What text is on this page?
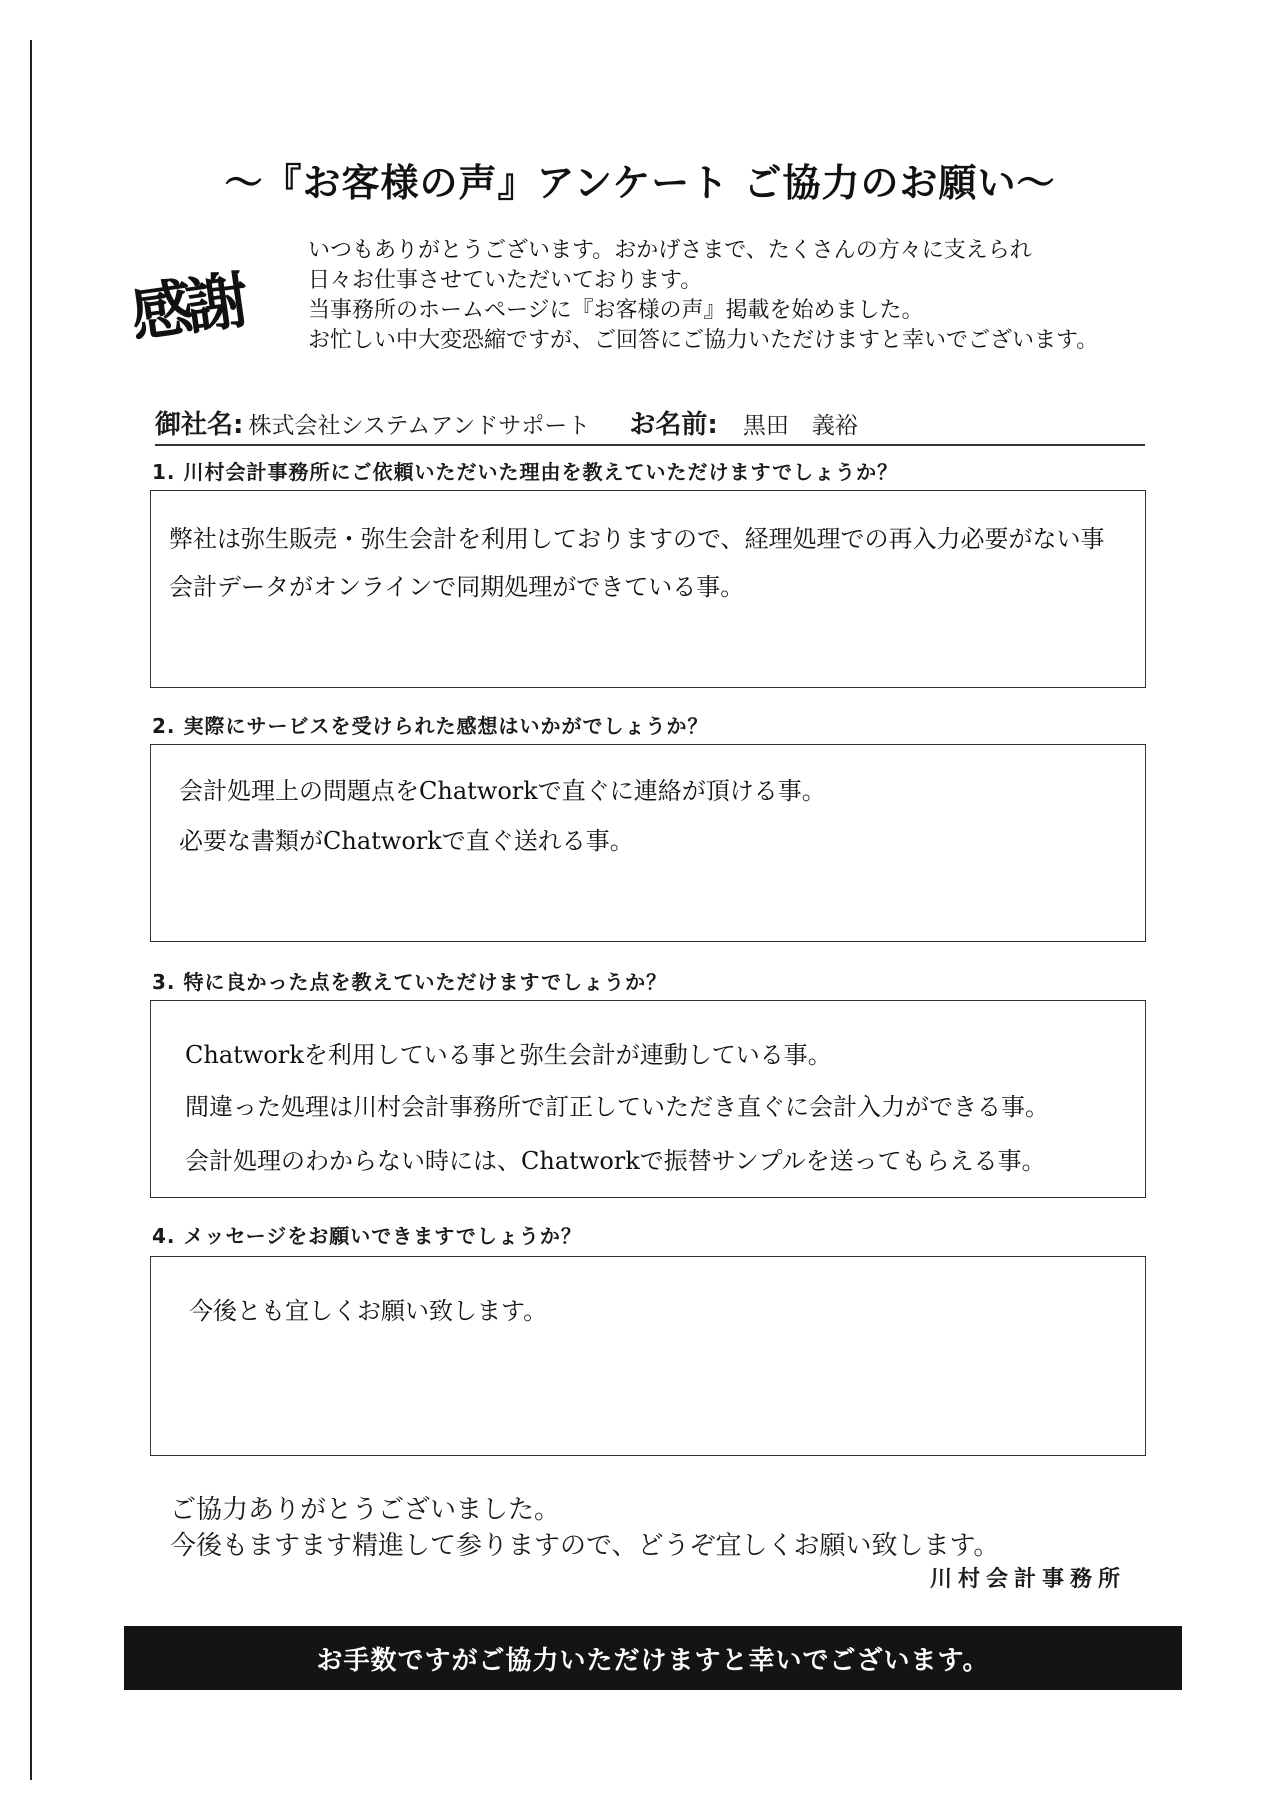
～『お客様の声』アンケート ご協力のお願い～
感謝
いつもありがとうございます。おかげさまで、たくさんの方々に支えられ
日々お仕事させていただいております。
当事務所のホームページに『お客様の声』掲載を始めました。
お忙しい中大変恐縮ですが、ご回答にご協力いただけますと幸いでございます。
御社名: 株式会社システムアンドサポート お名前: 黒田　義裕
1. 川村会計事務所にご依頼いただいた理由を教えていただけますでしょうか？
弊社は弥生販売・弥生会計を利用しておりますので、経理処理での再入力必要がない事
会計データがオンラインで同期処理ができている事。
2. 実際にサービスを受けられた感想はいかがでしょうか？
会計処理上の問題点をChatworkで直ぐに連絡が頂ける事。
必要な書類がChatworkで直ぐ送れる事。
3. 特に良かった点を教えていただけますでしょうか？
Chatworkを利用している事と弥生会計が連動している事。
間違った処理は川村会計事務所で訂正していただき直ぐに会計入力ができる事。
会計処理のわからない時には、Chatworkで振替サンプルを送ってもらえる事。
4. メッセージをお願いできますでしょうか？
今後とも宜しくお願い致します。
ご協力ありがとうございました。
今後もますます精進して参りますので、どうぞ宜しくお願い致します。
川村会計事務所
お手数ですがご協力いただけますと幸いでございます。
